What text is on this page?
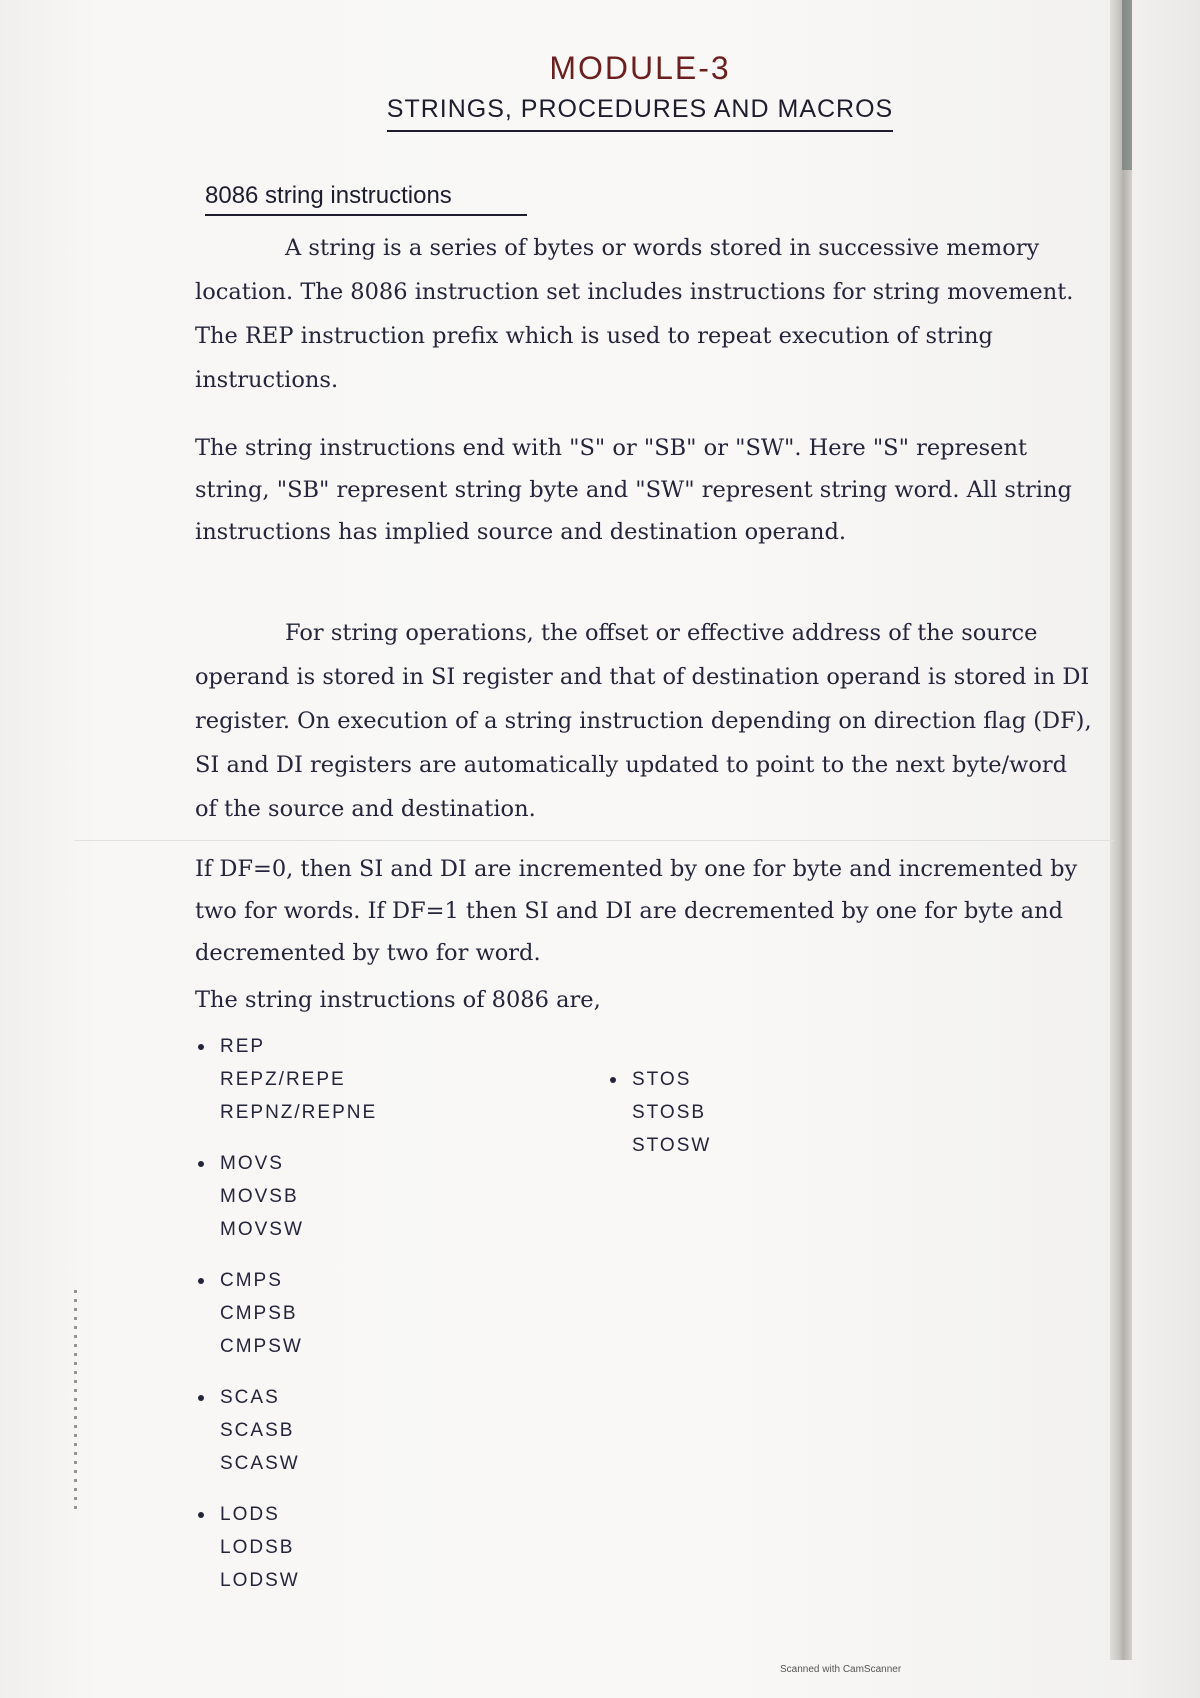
MODULE-3
STRINGS, PROCEDURES AND MACROS
8086 string instructions

A string is a series of bytes or words stored in successive memory location. The 8086 instruction set includes instructions for string movement. The REP instruction prefix which is used to repeat execution of string instructions.

The string instructions end with "S" or "SB" or "SW". Here "S" represent string, "SB" represent string byte and "SW" represent string word. All string instructions has implied source and destination operand.

For string operations, the offset or effective address of the source operand is stored in SI register and that of destination operand is stored in DI register. On execution of a string instruction depending on direction flag (DF), SI and DI registers are automatically updated to point to the next byte/word of the source and destination.

If DF=0, then SI and DI are incremented by one for byte and incremented by two for words. If DF=1 then SI and DI are decremented by one for byte and decremented by two for word.

The string instructions of 8086 are,

REP
REPZ/REPE
REPNZ/REPNE
MOVS
MOVSB
MOVSW
CMPS
CMPSB
CMPSW
SCAS
SCASB
SCASW
LODS
LODSB
LODSW
STOS
STOSB
STOSW
Scanned with CamScanner
